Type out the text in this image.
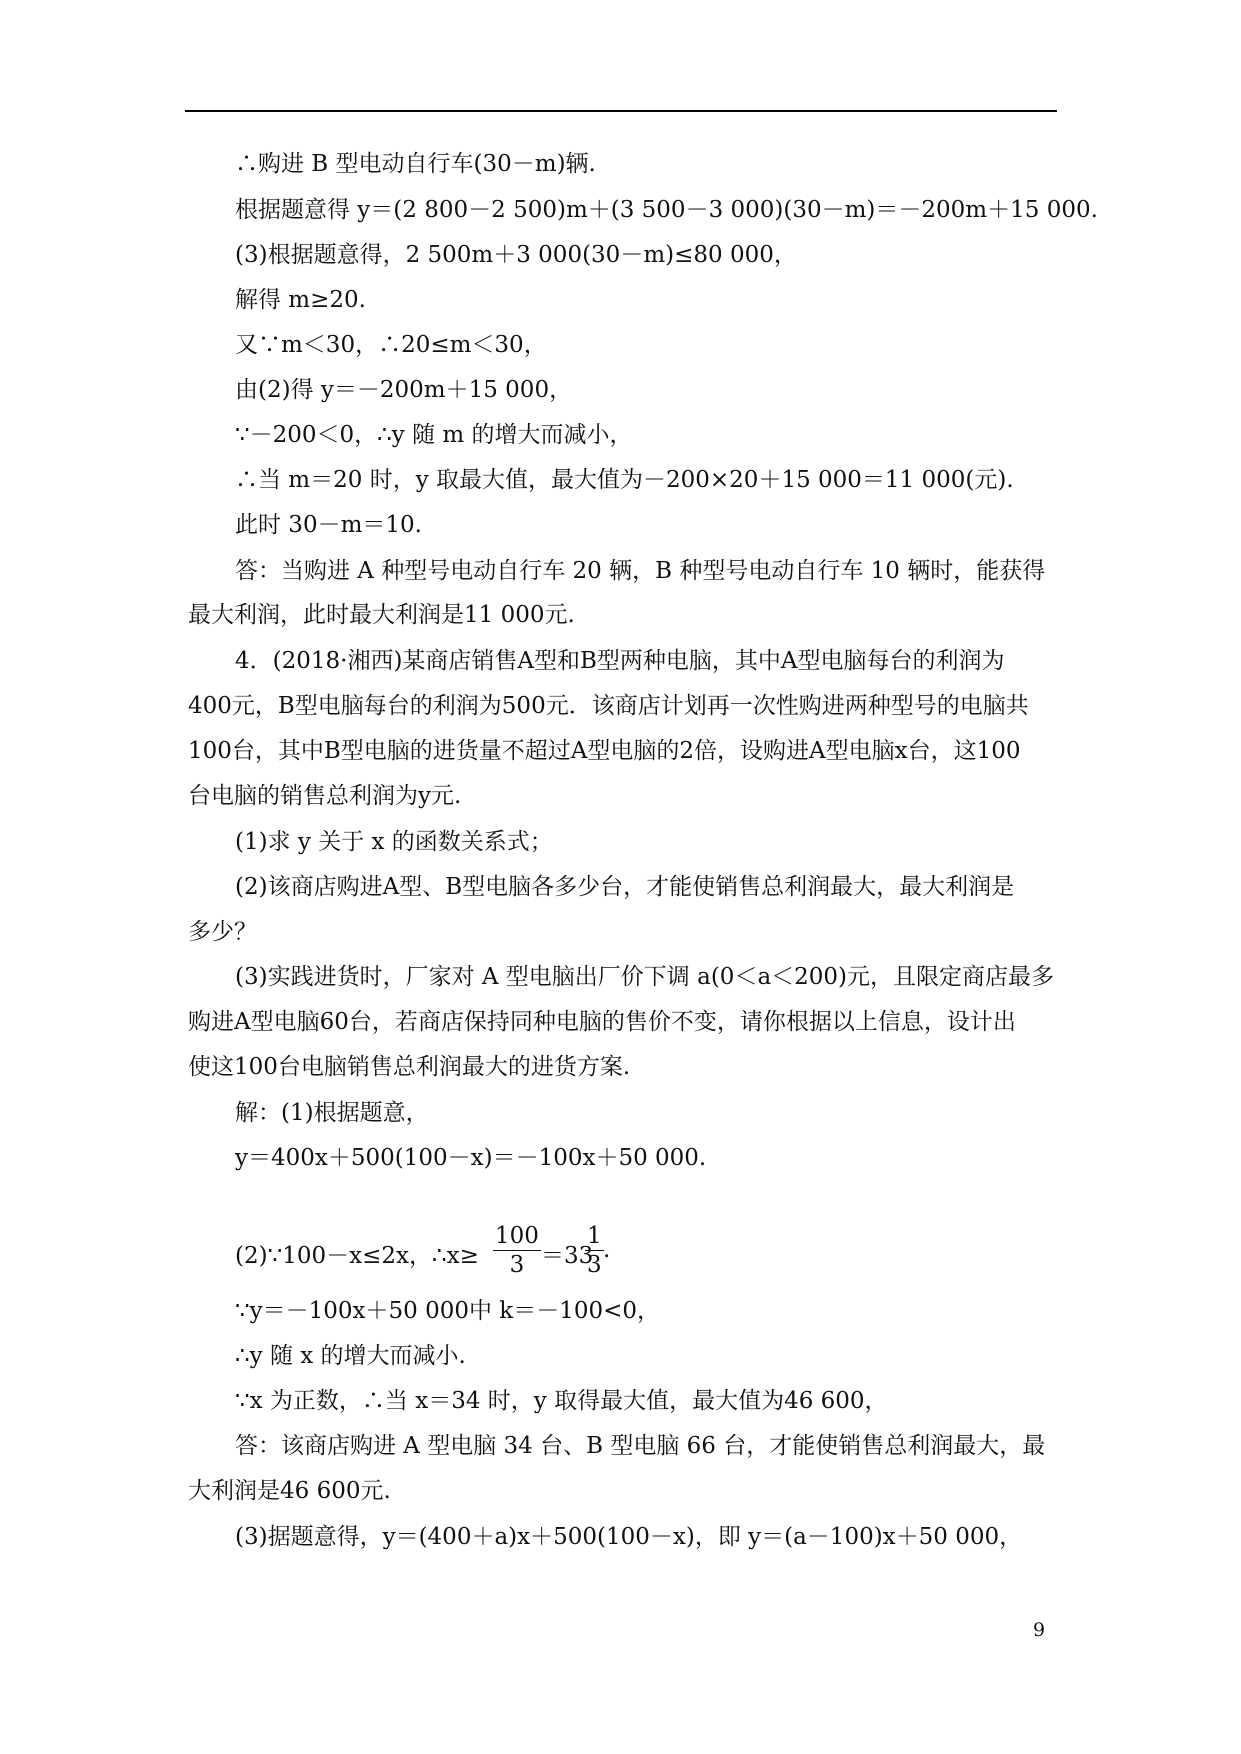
∴购进 B 型电动自行车(30－m)辆.
根据题意得 y＝(2 800－2 500)m＋(3 500－3 000)(30－m)＝－200m＋15 000.
(3)根据题意得，2 500m＋3 000(30－m)≤80 000，
解得 m≥20.
又∵m＜30，∴20≤m＜30，
由(2)得 y＝－200m＋15 000，
∵－200＜0，∴y 随 m 的增大而减小，
∴当 m＝20 时，y 取最大值，最大值为－200×20＋15 000＝11 000(元).
此时 30－m＝10.
答：当购进 A 种型号电动自行车 20 辆，B 种型号电动自行车 10 辆时，能获得
最大利润，此时最大利润是11 000元.
4．(2018·湘西)某商店销售A型和B型两种电脑，其中A型电脑每台的利润为
400元，B型电脑每台的利润为500元．该商店计划再一次性购进两种型号的电脑共
100台，其中B型电脑的进货量不超过A型电脑的2倍，设购进A型电脑x台，这100
台电脑的销售总利润为y元.
(1)求 y 关于 x 的函数关系式；
(2)该商店购进A型、B型电脑各多少台，才能使销售总利润最大，最大利润是
多少？
(3)实践进货时，厂家对 A 型电脑出厂价下调 a(0＜a＜200)元，且限定商店最多
购进A型电脑60台，若商店保持同种电脑的售价不变，请你根据以上信息，设计出
使这100台电脑销售总利润最大的进货方案.
解：(1)根据题意，
y＝400x＋500(100－x)＝－100x＋50 000.
(2)∵100－x≤2x，∴x≥ $\frac{100}{3} =33$
$\frac{1}{3}$ .
∵y＝－100x＋50 000中 k＝－100<0，
∴y 随 x 的增大而减小.
∵x 为正数，∴当 x＝34 时，y 取得最大值，最大值为46 600，
答：该商店购进 A 型电脑 34 台、B 型电脑 66 台，才能使销售总利润最大，最
大利润是46 600元.
(3)据题意得，y＝(400＋a)x＋500(100－x)，即 y＝(a－100)x＋50 000，
9
